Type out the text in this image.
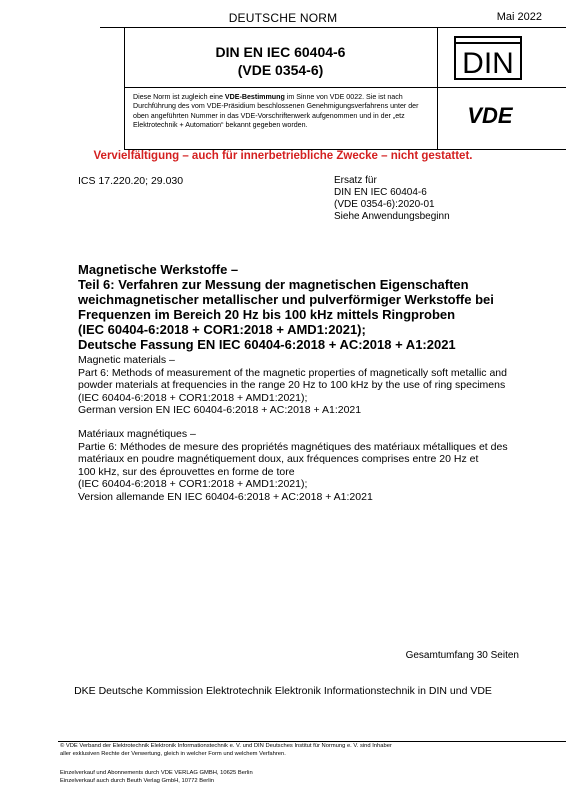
DEUTSCHE NORM	Mai 2022
DIN EN IEC 60404-6
(VDE 0354-6)	DIN
VDE
Diese Norm ist zugleich eine VDE-Bestimmung im Sinne von VDE 0022. Sie ist nach Durchführung des vom VDE-Präsidium beschlossenen Genehmigungsverfahrens unter der oben angeführten Nummer in das VDE-Vorschriftenwerk aufgenommen und in der „etz Elektrotechnik + Automation“ bekannt gegeben worden.
Vervielfältigung – auch für innerbetriebliche Zwecke – nicht gestattet.
ICS 17.220.20; 29.030	Ersatz für
DIN EN IEC 60404-6
(VDE 0354-6):2020-01
Siehe Anwendungsbeginn
Magnetische Werkstoffe –
Teil 6: Verfahren zur Messung der magnetischen Eigenschaften
weichmagnetischer metallischer und pulverförmiger Werkstoffe bei
Frequenzen im Bereich 20 Hz bis 100 kHz mittels Ringproben
(IEC 60404-6:2018 + COR1:2018 + AMD1:2021);
Deutsche Fassung EN IEC 60404-6:2018 + AC:2018 + A1:2021
Magnetic materials –
Part 6: Methods of measurement of the magnetic properties of magnetically soft metallic and
powder materials at frequencies in the range 20 Hz to 100 kHz by the use of ring specimens
(IEC 60404-6:2018 + COR1:2018 + AMD1:2021);
German version EN IEC 60404-6:2018 + AC:2018 + A1:2021
Matériaux magnétiques –
Partie 6: Méthodes de mesure des propriétés magnétiques des matériaux métalliques et des
matériaux en poudre magnétiquement doux, aux fréquences comprises entre 20 Hz et
100 kHz, sur des éprouvettes en forme de tore
(IEC 60404-6:2018 + COR1:2018 + AMD1:2021);
Version allemande EN IEC 60404-6:2018 + AC:2018 + A1:2021
Gesamtumfang 30 Seiten
DKE Deutsche Kommission Elektrotechnik Elektronik Informationstechnik in DIN und VDE
© VDE Verband der Elektrotechnik Elektronik Informationstechnik e. V. und DIN Deutsches Institut für Normung e. V. sind Inhaber
aller exklusiven Rechte der Verwertung, gleich in welcher Form und welchem Verfahren.
Einzelverkauf und Abonnements durch VDE VERLAG GMBH, 10625 Berlin
Einzelverkauf auch durch Beuth Verlag GmbH, 10772 Berlin
